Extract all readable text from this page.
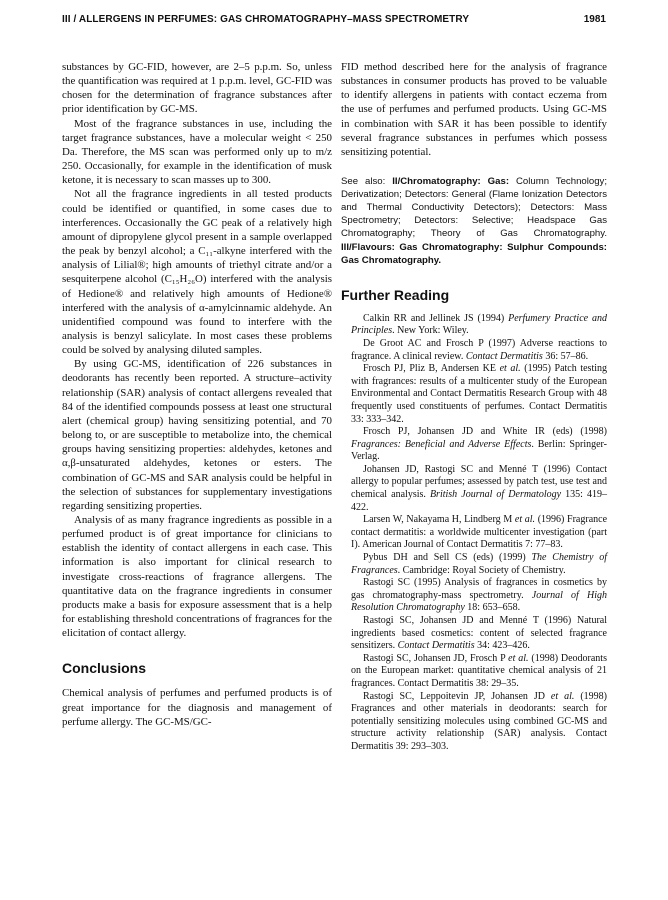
III / ALLERGENS IN PERFUMES: GAS CHROMATOGRAPHY–MASS SPECTROMETRY	1981

substances by GC-FID, however, are 2–5 p.p.m. So, unless the quantification was required at 1 p.p.m. level, GC-FID was chosen for the determination of fragrance substances after prior identification by GC-MS.

Most of the fragrance substances in use, including the target fragrance substances, have a molecular weight < 250 Da. Therefore, the MS scan was performed only up to m/z 250. Occasionally, for example in the identification of musk ketone, it is necessary to scan masses up to 300.

Not all the fragrance ingredients in all tested products could be identified or quantified, in some cases due to interferences. Occasionally the GC peak of a relatively high amount of dipropylene glycol present in a sample overlapped the peak by benzyl alcohol; a C₁₁-alkyne interfered with the analysis of Lilial®; high amounts of triethyl citrate and/or a sesquiterpene alcohol (C₁₅H₂₆O) interfered with the analysis of Hedione® and relatively high amounts of Hedione® interfered with the analysis of α-amylcinnamic aldehyde. An unidentified compound was found to interfere with the analysis is benzyl salicylate. In most cases these problems could be solved by analysing diluted samples.

By using GC-MS, identification of 226 substances in deodorants has recently been reported. A structure–activity relationship (SAR) analysis of contact allergens revealed that 84 of the identified compounds possess at least one structural alert (chemical group) having sensitizing potential, and 70 belong to, or are susceptible to metabolize into, the chemical groups having sensitizing properties: aldehydes, ketones and α,β-unsaturated aldehydes, ketones or esters. The combination of GC-MS and SAR analysis could be helpful in the selection of substances for supplementary investigations regarding sensitizing properties.

Analysis of as many fragrance ingredients as possible in a perfumed product is of great importance for clinicians to establish the identity of contact allergens in each case. This information is also important for clinical research to investigate cross-reactions of fragrance allergens. The quantitative data on the fragrance ingredients in consumer products make a basis for exposure assessment that is a help for establishing threshold concentrations of fragrances for the elicitation of contact allergy.

Conclusions

Chemical analysis of perfumes and perfumed products is of great importance for the diagnosis and management of perfume allergy. The GC-MS/GC-

FID method described here for the analysis of fragrance substances in consumer products has proved to be valuable to identify allergens in patients with contact eczema from the use of perfumes and perfumed products. Using GC-MS in combination with SAR it has been possible to identify several fragrance substances in perfumes which possess sensitizing potential.

See also: II/Chromatography: Gas: Column Technology; Derivatization; Detectors: General (Flame Ionization Detectors and Thermal Conductivity Detectors); Detectors: Mass Spectrometry; Detectors: Selective; Headspace Gas Chromatography; Theory of Gas Chromatography. III/Flavours: Gas Chromatography: Sulphur Compounds: Gas Chromatography.
Further Reading

Calkin RR and Jellinek JS (1994) Perfumery Practice and Principles. New York: Wiley.

De Groot AC and Frosch P (1997) Adverse reactions to fragrance. A clinical review. Contact Dermatitis 36: 57–86.

Frosch PJ, Pliz B, Andersen KE et al. (1995) Patch testing with fragrances: results of a multicenter study of the European Environmental and Contact Dermatitis Research Group with 48 frequently used constituents of perfumes. Contact Dermatitis 33: 333–342.

Frosch PJ, Johansen JD and White IR (eds) (1998) Fragrances: Beneficial and Adverse Effects. Berlin: Springer-Verlag.

Johansen JD, Rastogi SC and Menné T (1996) Contact allergy to popular perfumes; assessed by patch test, use test and chemical analysis. British Journal of Dermatology 135: 419–422.

Larsen W, Nakayama H, Lindberg M et al. (1996) Fragrance contact dermatitis: a worldwide multicenter investigation (part I). American Journal of Contact Dermatitis 7: 77–83.

Pybus DH and Sell CS (eds) (1999) The Chemistry of Fragrances. Cambridge: Royal Society of Chemistry.

Rastogi SC (1995) Analysis of fragrances in cosmetics by gas chromatography-mass spectrometry. Journal of High Resolution Chromatography 18: 653–658.

Rastogi SC, Johansen JD and Menné T (1996) Natural ingredients based cosmetics: content of selected fragrance sensitizers. Contact Dermatitis 34: 423–426.

Rastogi SC, Johansen JD, Frosch P et al. (1998) Deodorants on the European market: quantitative chemical analysis of 21 fragrances. Contact Dermatitis 38: 29–35.

Rastogi SC, Leppoitevin JP, Johansen JD et al. (1998) Fragrances and other materials in deodorants: search for potentially sensitizing molecules using combined GC-MS and structure activity relationship (SAR) analysis. Contact Dermatitis 39: 293–303.
